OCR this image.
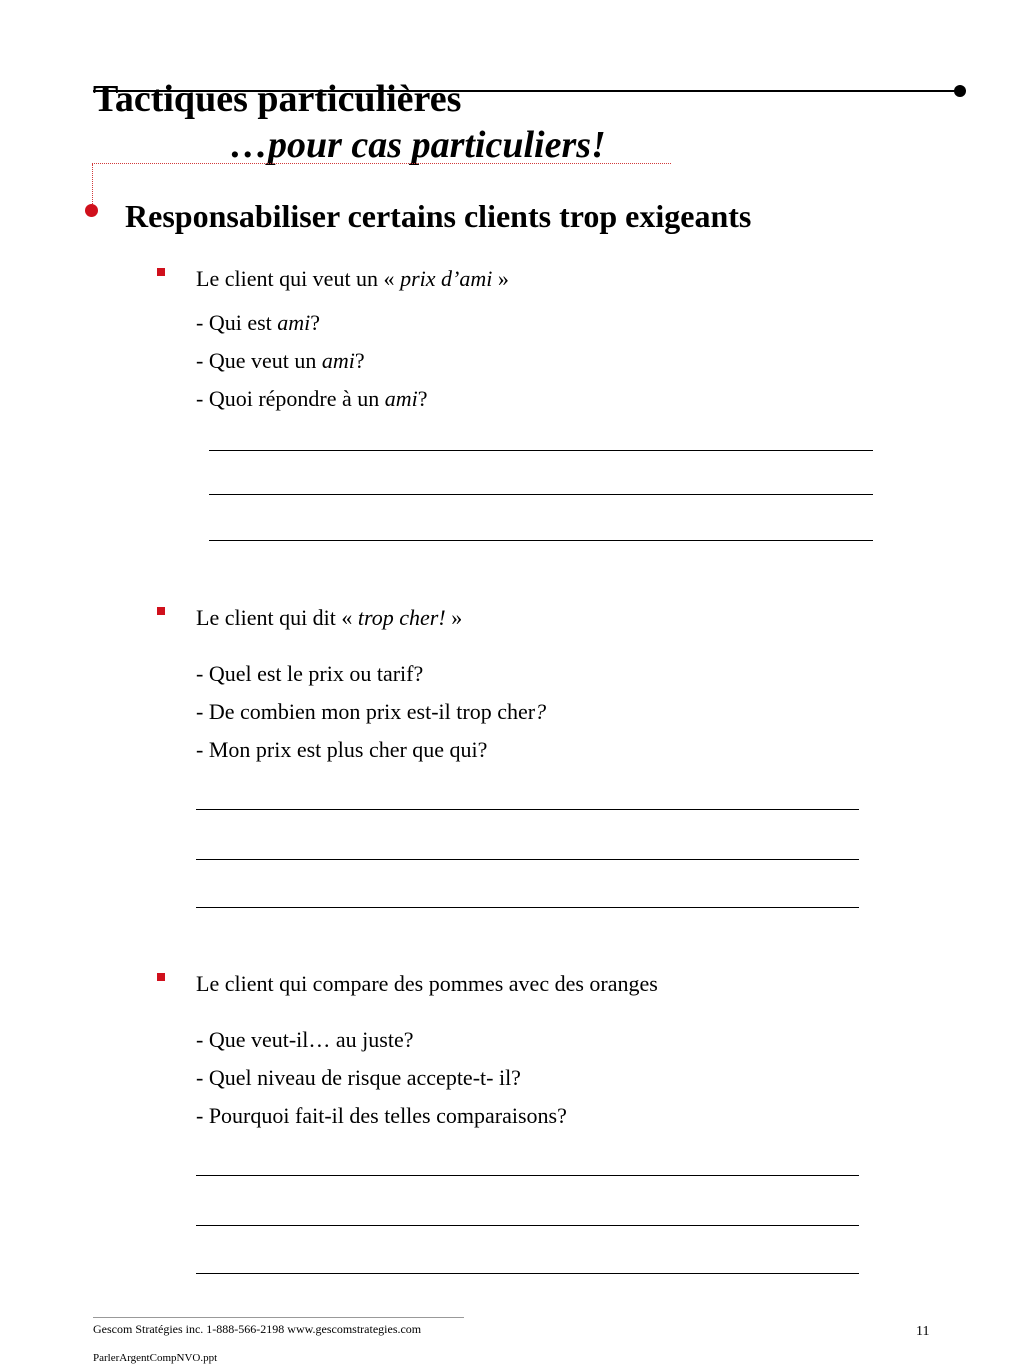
Tactiques particulières
…pour cas particuliers!
Responsabiliser certains clients trop exigeants
Le client qui veut un « prix d’ami »
- Qui est ami?
- Que veut un ami?
- Quoi répondre à un ami?
Le client qui dit « trop cher! »
- Quel est le prix ou tarif?
- De combien mon prix est-il trop cher?
- Mon prix est plus cher que qui?
Le client qui compare des pommes avec des oranges
- Que veut-il… au juste?
- Quel niveau de risque accepte-t- il?
- Pourquoi fait-il des telles comparaisons?
Gescom Stratégies inc. 1-888-566-2198 www.gescomstrategies.com	11
ParlerArgentCompNVO.ppt
